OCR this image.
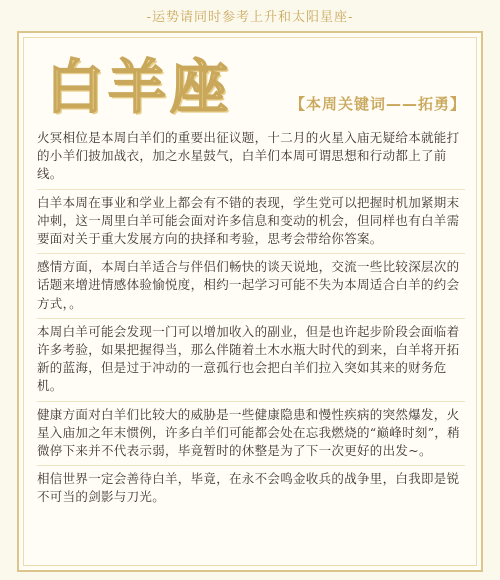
-运势请同时参考上升和太阳星座-
白羊座	【本周关键词——拓勇】

火冥相位是本周白羊们的重要出征议题，十二月的火星入庙无疑给本就能打的小羊们披加战衣，加之水星鼓气，白羊们本周可谓思想和行动都上了前线。

白羊本周在事业和学业上都会有不错的表现，学生党可以把握时机加紧期末冲刺，这一周里白羊可能会面对许多信息和变动的机会，但同样也有白羊需要面对关于重大发展方向的抉择和考验，思考会带给你答案。

感情方面，本周白羊适合与伴侣们畅快的谈天说地，交流一些比较深层次的话题来增进情感体验愉悦度，相约一起学习可能不失为本周适合白羊的约会方式，。

本周白羊可能会发现一门可以增加收入的副业，但是也许起步阶段会面临着许多考验，如果把握得当，那么伴随着土木水瓶大时代的到来，白羊将开拓新的蓝海，但是过于冲动的一意孤行也会把白羊们拉入突如其来的财务危机。

健康方面对白羊们比较大的威胁是一些健康隐患和慢性疾病的突然爆发，火星入庙加之年末惯例，许多白羊们可能都会处在忘我燃烧的“巅峰时刻”，稍微停下来并不代表示弱，毕竟暂时的休整是为了下一次更好的出发~。

相信世界一定会善待白羊，毕竟，在永不会鸣金收兵的战争里，白我即是锐不可当的剑影与刀光。
